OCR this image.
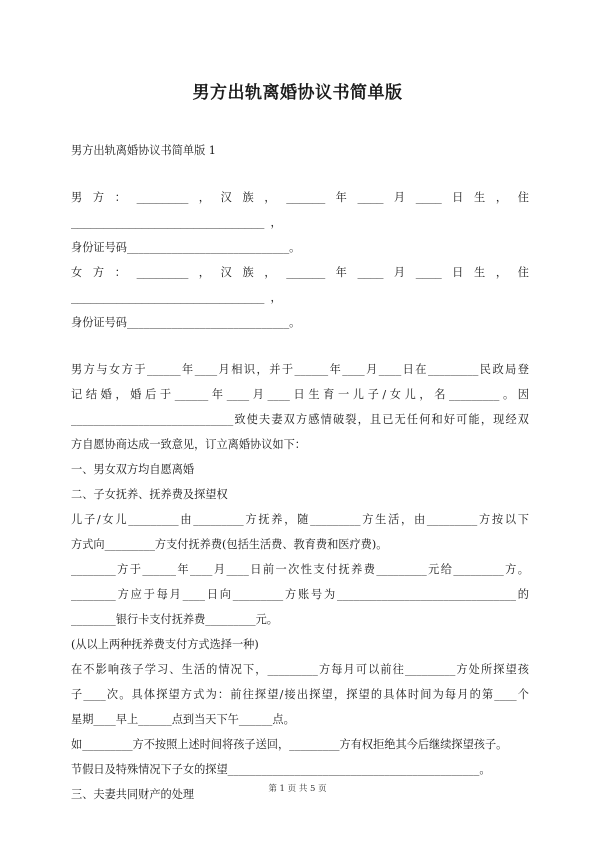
男方出轨离婚协议书简单版

男方出轨离婚协议书简单版 1

男 方 ： ________ ， 汉 族 ， ______ 年 ____ 月 ____ 日 生 ， 住

______________________________ ，

身份证号码_____________________________。

女 方 ： ________ ， 汉 族 ， ______ 年 ____ 月 ____ 日 生 ， 住

______________________________ ，

身份证号码_____________________________。

男方与女方于______年____月相识，并于______年____月____日在_________民政局登

记结婚，婚后于______年____月____日生育一儿子/女儿，名_________。因

_____________________________致使夫妻双方感情破裂，且已无任何和好可能，现经双

方自愿协商达成一致意见，订立离婚协议如下：

一、男女双方均自愿离婚

二、子女抚养、抚养费及探望权

儿子/女儿_________由_________方抚养，随_________方生活，由_________方按以下

方式向_________方支付抚养费(包括生活费、教育费和医疗费)。

________方于______年____月____日前一次性支付抚养费_________元给_________方。

________方应于每月____日向_________方账号为________________________________的

________银行卡支付抚养费_________元。

(从以上两种抚养费支付方式选择一种)

在不影响孩子学习、生活的情况下，_________方每月可以前往_________方处所探望孩

子____次。具体探望方式为：前往探望/接出探望，探望的具体时间为每月的第____个

星期____早上______点到当天下午______点。

如_________方不按照上述时间将孩子送回，_________方有权拒绝其今后继续探望孩子。

节假日及特殊情况下子女的探望_____________________________________________。

三、夫妻共同财产的处理	第 1 页 共 5 页
